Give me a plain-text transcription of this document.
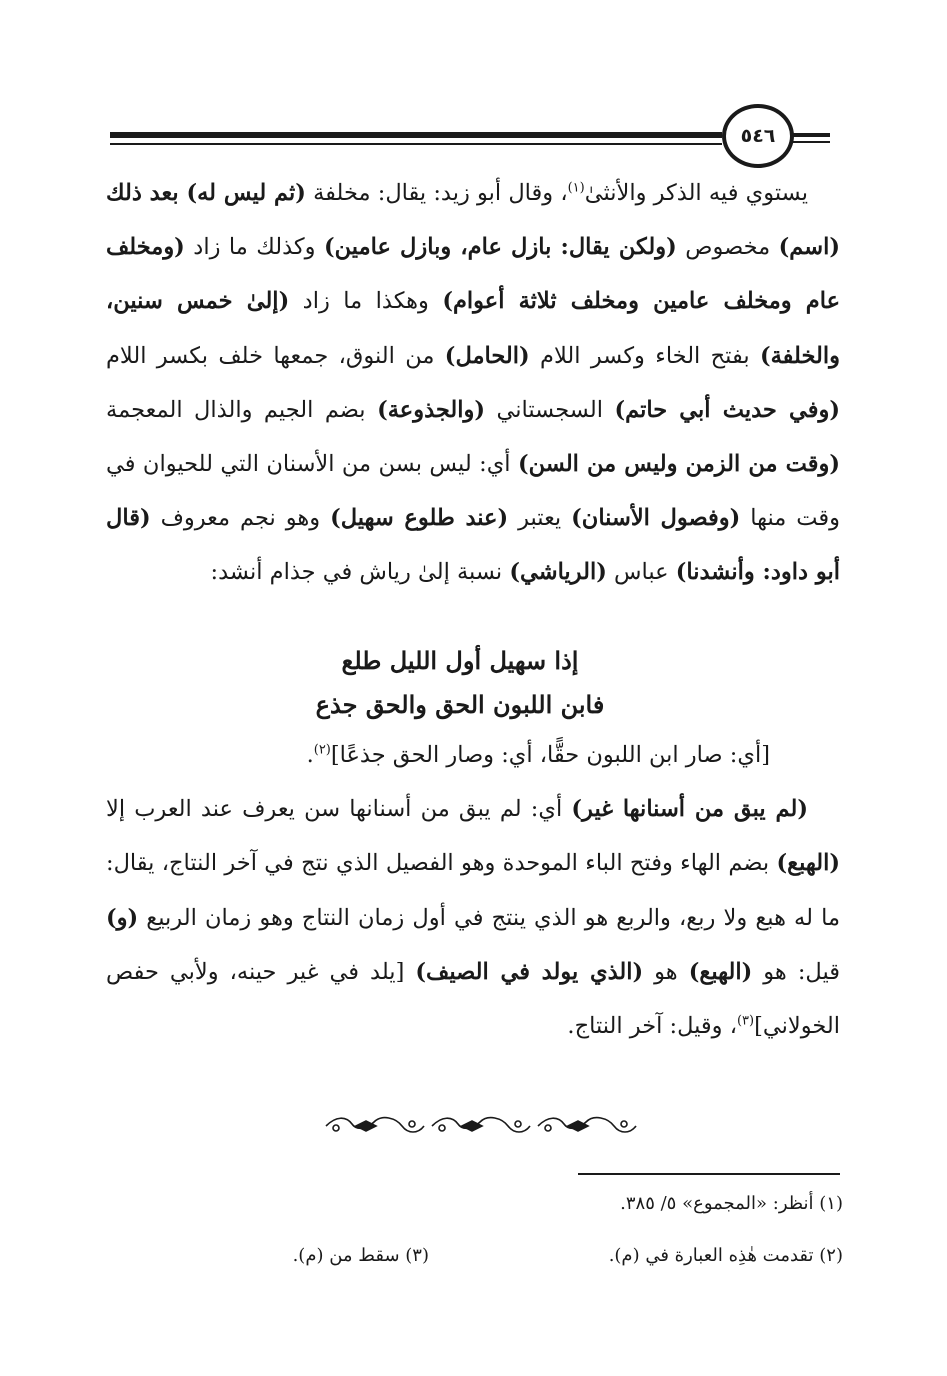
٥٤٦

يستوي فيه الذكر والأنثىٰ$^{(١)}$، وقال أبو زيد: يقال: مخلفة (ثم ليس له) بعد ذلك (اسم) مخصوص (ولكن يقال: بازل عام، وبازل عامين) وكذلك ما زاد (ومخلف عام ومخلف عامين ومخلف ثلاثة أعوام) وهكذا ما زاد (إلىٰ خمس سنين، والخلفة) بفتح الخاء وكسر اللام (الحامل) من النوق، جمعها خلف بكسر اللام (وفي حديث أبي حاتم) السجستاني (والجذوعة) بضم الجيم والذال المعجمة (وقت من الزمن وليس من السن) أي: ليس بسن من الأسنان التي للحيوان في وقت منها (وفصول الأسنان) يعتبر (عند طلوع سهيل) وهو نجم معروف (قال أبو داود: وأنشدنا) عباس (الرياشي) نسبة إلىٰ رياش في جذام أنشد:

إذا سهيل أول الليل طلع
فابن اللبون الحق والحق جذع

[أي: صار ابن اللبون حقًّا، أي: وصار الحق جذعًا]$^{(٢)}$.

(لم يبق من أسنانها غير) أي: لم يبق من أسنانها سن يعرف عند العرب إلا (الهبع) بضم الهاء وفتح الباء الموحدة وهو الفصيل الذي نتج في آخر النتاج، يقال: ما له هبع ولا ربع، والربع هو الذي ينتج في أول زمان النتاج وهو زمان الربيع (و) قيل: هو (الهبع) هو (الذي يولد في الصيف) [يلد في غير حينه، ولأبي حفص الخولاني]$^{(٣)}$، وقيل: آخر النتاج.

(١) أنظر: «المجموع» ٥/ ٣٨٥.
(٢) تقدمت هٰذِه العبارة في (م).
(٣) سقط من (م).
